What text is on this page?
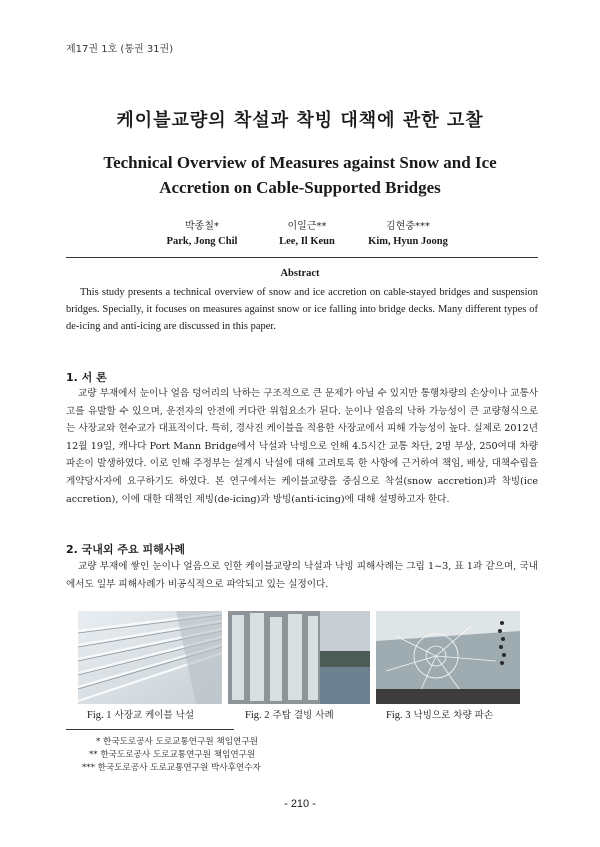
제17권 1호 (통권 31권)
케이블교량의 착설과 착빙 대책에 관한 고찰
Technical Overview of Measures against Snow and Ice
Accretion on Cable-Supported Bridges
박종칠*
Park, Jong Chil
이일근**
Lee, Il Keun
김현중***
Kim, Hyun Joong
Abstract
This study presents a technical overview of snow and ice accretion on cable-stayed bridges and suspension bridges. Specially, it focuses on measures against snow or ice falling into bridge decks. Many different types of de-icing and anti-icing are discussed in this paper.
1. 서 론
교량 부재에서 눈이나 얼음 덩어리의 낙하는 구조적으로 큰 문제가 아닐 수 있지만 통행차량의 손상이나 교통사고를 유발할 수 있으며, 운전자의 안전에 커다란 위험요소가 된다. 눈이나 얼음의 낙하 가능성이 큰 교량형식으로는 사장교와 현수교가 대표적이다. 특히, 경사진 케이블을 적용한 사장교에서 피해 가능성이 높다. 실제로 2012년 12월 19일, 캐나다 Port Mann Bridge에서 낙설과 낙빙으로 인해 4.5시간 교통 차단, 2명 부상, 250여대 차량 파손이 발생하였다. 이로 인해 주정부는 설계시 낙설에 대해 고려토록 한 사항에 근거하여 책임, 배상, 대책수립을 게약당사자에 요구하기도 하였다. 본 연구에서는 케이블교량을 중심으로 착설(snow accretion)과 착빙(ice accretion), 이에 대한 대책인 제빙(de-icing)과 방빙(anti-icing)에 대해 설명하고자 한다.
2. 국내외 주요 피해사례
교량 부재에 쌓인 눈이나 얼음으로 인한 케이블교량의 낙설과 낙빙 피해사례는 그림 1~3, 표 1과 같으며, 국내에서도 일부 피해사례가 비공식적으로 파악되고 있는 실정이다.
Fig. 1 사장교 케이블 낙설	Fig. 2 주탑 결빙 사례	Fig. 3 낙빙으로 차량 파손
* 한국도로공사 도로교통연구원 책임연구원
** 한국도로공사 도로교통연구원 책임연구원
*** 한국도로공사 도로교통연구원 박사후연수자
- 210 -
